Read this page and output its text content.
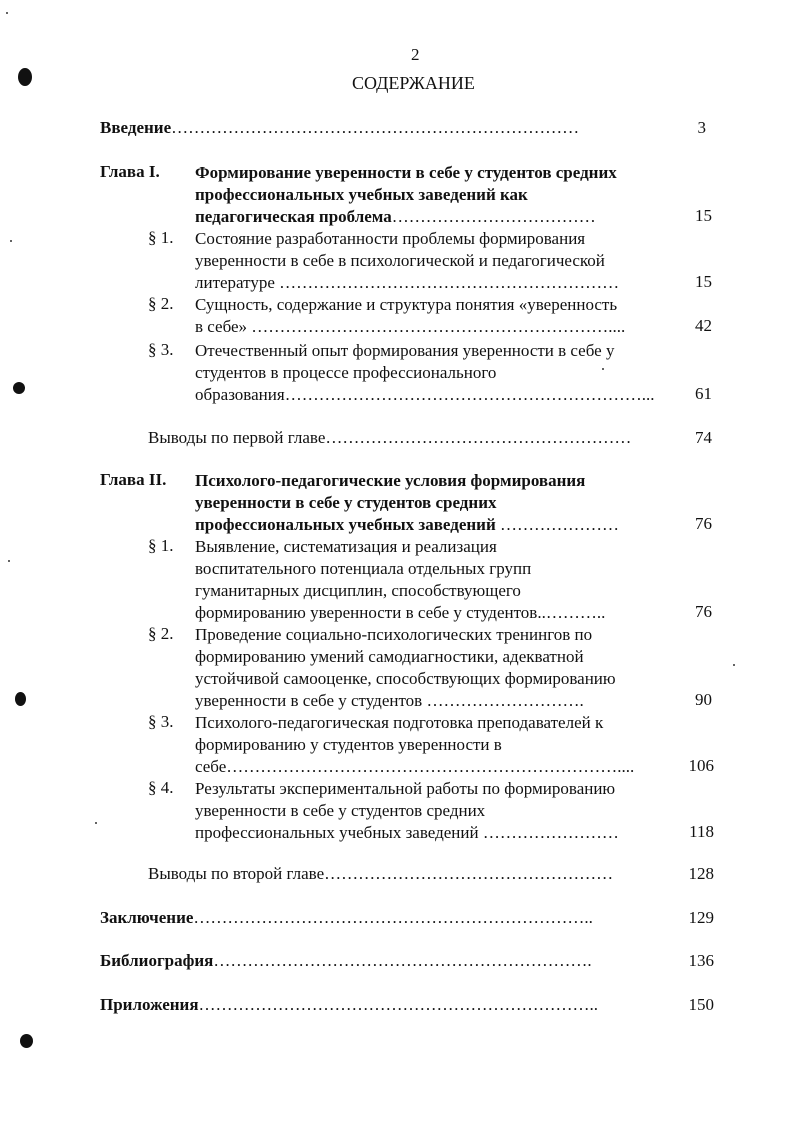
2
СОДЕРЖАНИЕ
Введение………………………………………………………………	3
Глава I. Формирование уверенности в себе у студентов средних
профессиональных учебных заведений как
педагогическая проблема………………………………	15
§ 1. Состояние разработанности проблемы формирования
уверенности в себе в психологической и педагогической
литературе ……………………………………………………	15
§ 2. Сущность, содержание и структура понятия «уверенность
в себе» ………………………………………………………....	42
§ 3. Отечественный опыт формирования уверенности в себе у
студентов в процессе профессионального
образования………………………………………………………... 61
Выводы по первой главе………………………………………………	74
Глава II. Психолого-педагогические условия формирования
уверенности в себе у студентов средних
профессиональных учебных заведений …………………	76
§ 1. Выявление, систематизация и реализация
воспитательного потенциала отдельных групп
гуманитарных дисциплин, способствующего
формированию уверенности в себе у студентов..………..	76
§ 2. Проведение социально-психологических тренингов по
формированию умений самодиагностики, адекватной
устойчивой самооценке, способствующих формированию
уверенности в себе у студентов ……………………….	90
§ 3. Психолого-педагогическая подготовка преподавателей к
формированию у студентов уверенности в
себе……………………………………………………………....	106
§ 4. Результаты экспериментальной работы по формированию
уверенности в себе у студентов средних
профессиональных учебных заведений ……………………	118
Выводы по второй главе……………………………………………	128
Заключение……………………………………………………………..	129
Библиография………………………………………………………….	136
Приложения……………………………………………………………..	150
